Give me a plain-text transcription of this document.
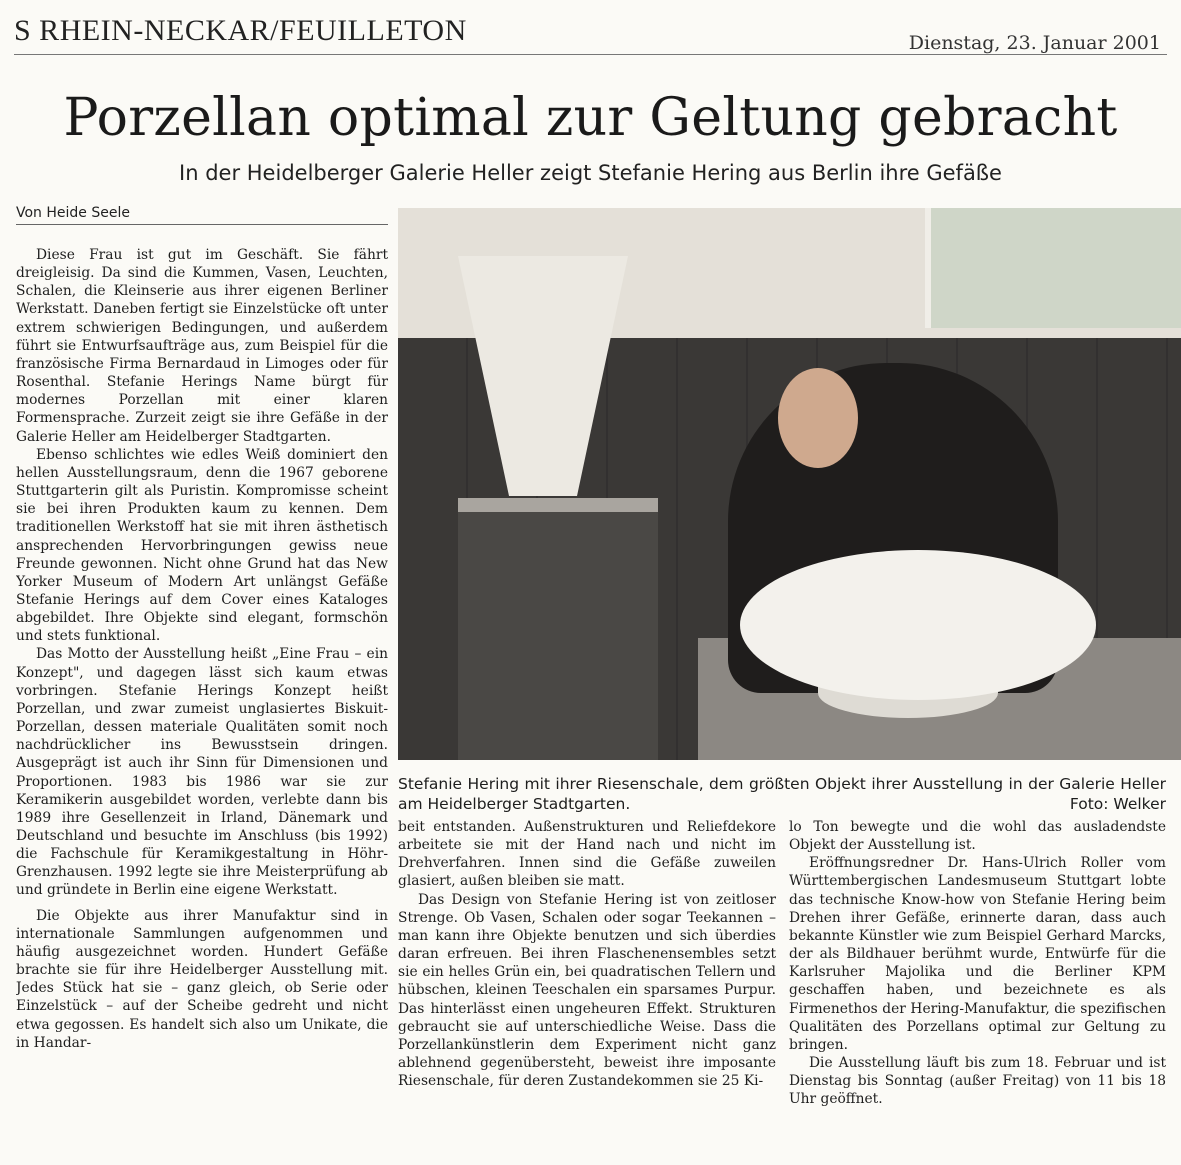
S RHEIN-NECKAR/FEUILLETON	Dienstag, 23. Januar 2001
Porzellan optimal zur Geltung gebracht
In der Heidelberger Galerie Heller zeigt Stefanie Hering aus Berlin ihre Gefäße
Von Heide Seele

Diese Frau ist gut im Geschäft. Sie fährt dreigleisig. Da sind die Kummen, Vasen, Leuchten, Schalen, die Kleinserie aus ihrer eigenen Berliner Werkstatt. Daneben fertigt sie Einzelstücke oft unter extrem schwierigen Bedingungen, und außerdem führt sie Entwurfsaufträge aus, zum Beispiel für die französische Firma Bernardaud in Limoges oder für Rosenthal. Stefanie Herings Name bürgt für modernes Porzellan mit einer klaren Formensprache. Zurzeit zeigt sie ihre Gefäße in der Galerie Heller am Heidelberger Stadtgarten.

Ebenso schlichtes wie edles Weiß dominiert den hellen Ausstellungsraum, denn die 1967 geborene Stuttgarterin gilt als Puristin. Kompromisse scheint sie bei ihren Produkten kaum zu kennen. Dem traditionellen Werkstoff hat sie mit ihren ästhetisch ansprechenden Hervorbringungen gewiss neue Freunde gewonnen. Nicht ohne Grund hat das New Yorker Museum of Modern Art unlängst Gefäße Stefanie Herings auf dem Cover eines Kataloges abgebildet. Ihre Objekte sind elegant, formschön und stets funktional.

Das Motto der Ausstellung heißt „Eine Frau – ein Konzept", und dagegen lässt sich kaum etwas vorbringen. Stefanie Herings Konzept heißt Porzellan, und zwar zumeist unglasiertes Biskuit-Porzellan, dessen materiale Qualitäten somit noch nachdrücklicher ins Bewusstsein dringen. Ausgeprägt ist auch ihr Sinn für Dimensionen und Proportionen. 1983 bis 1986 war sie zur Keramikerin ausgebildet worden, verlebte dann bis 1989 ihre Gesellenzeit in Irland, Dänemark und Deutschland und besuchte im Anschluss (bis 1992) die Fachschule für Keramikgestaltung in Höhr-Grenzhausen. 1992 legte sie ihre Meisterprüfung ab und gründete in Berlin eine eigene Werkstatt.

Die Objekte aus ihrer Manufaktur sind in internationale Sammlungen aufgenommen und häufig ausgezeichnet worden. Hundert Gefäße brachte sie für ihre Heidelberger Ausstellung mit. Jedes Stück hat sie – ganz gleich, ob Serie oder Einzelstück – auf der Scheibe gedreht und nicht etwa gegossen. Es handelt sich also um Unikate, die in Handar-

Stefanie Hering mit ihrer Riesenschale, dem größten Objekt ihrer Ausstellung in der Galerie Heller am Heidelberger Stadtgarten.	Foto: Welker

beit entstanden. Außenstrukturen und Reliefdekore arbeitete sie mit der Hand nach und nicht im Drehverfahren. Innen sind die Gefäße zuweilen glasiert, außen bleiben sie matt.

Das Design von Stefanie Hering ist von zeitloser Strenge. Ob Vasen, Schalen oder sogar Teekannen – man kann ihre Objekte benutzen und sich überdies daran erfreuen. Bei ihren Flaschenensembles setzt sie ein helles Grün ein, bei quadratischen Tellern und hübschen, kleinen Teeschalen ein sparsames Purpur. Das hinterlässt einen ungeheuren Effekt. Strukturen gebraucht sie auf unterschiedliche Weise. Dass die Porzellankünstlerin dem Experiment nicht ganz ablehnend gegenübersteht, beweist ihre imposante Riesenschale, für deren Zustandekommen sie 25 Ki-

lo Ton bewegte und die wohl das ausladendste Objekt der Ausstellung ist.

Eröffnungsredner Dr. Hans-Ulrich Roller vom Württembergischen Landesmuseum Stuttgart lobte das technische Know-how von Stefanie Hering beim Drehen ihrer Gefäße, erinnerte daran, dass auch bekannte Künstler wie zum Beispiel Gerhard Marcks, der als Bildhauer berühmt wurde, Entwürfe für die Karlsruher Majolika und die Berliner KPM geschaffen haben, und bezeichnete es als Firmenethos der Hering-Manufaktur, die spezifischen Qualitäten des Porzellans optimal zur Geltung zu bringen.

Die Ausstellung läuft bis zum 18. Februar und ist Dienstag bis Sonntag (außer Freitag) von 11 bis 18 Uhr geöffnet.
